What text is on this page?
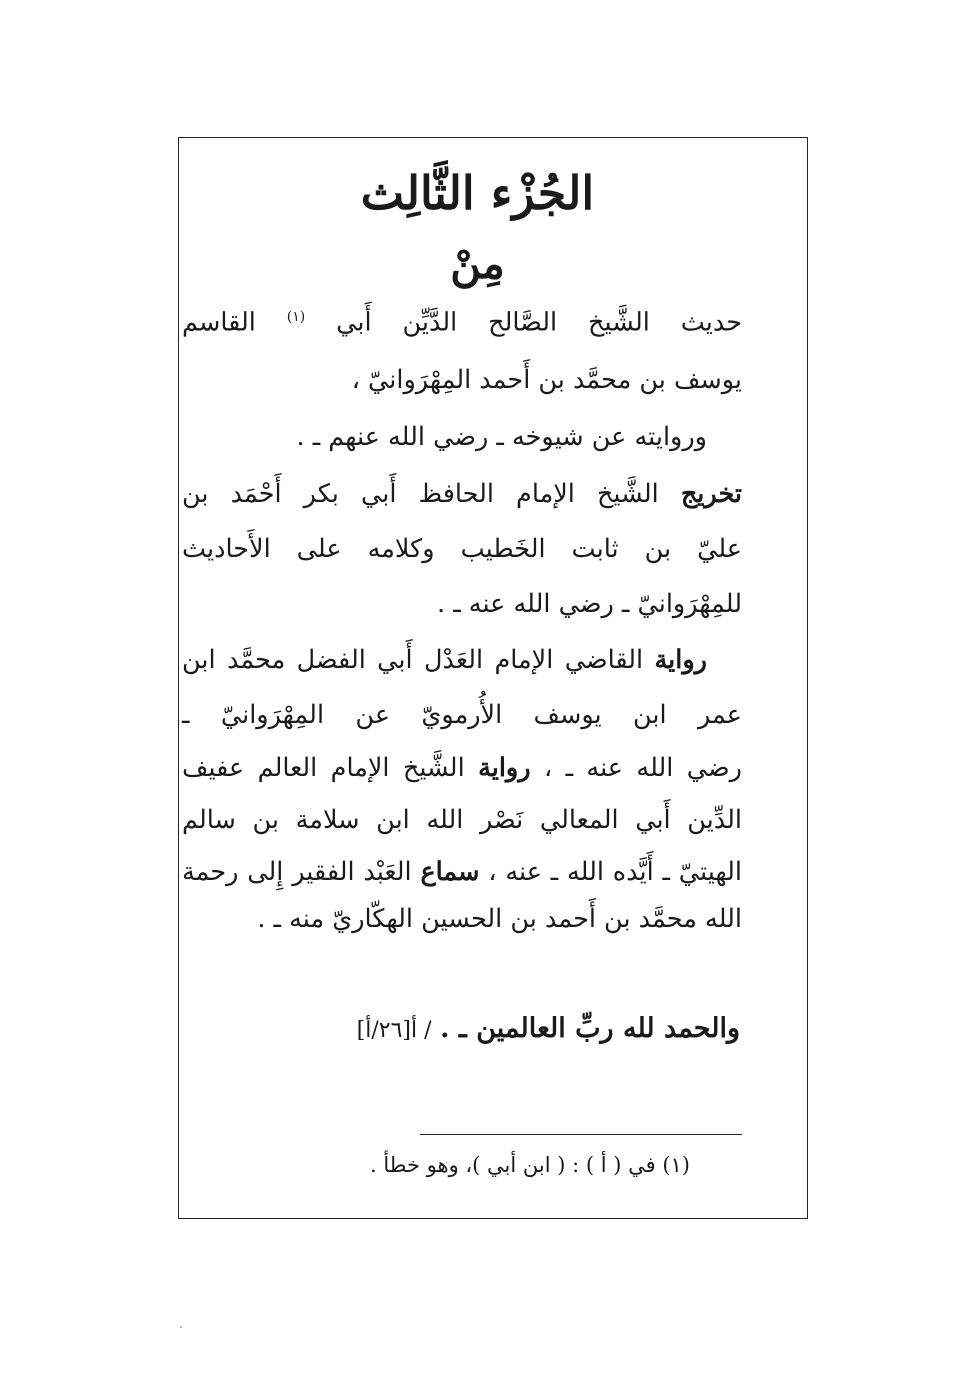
الجُزْء الثَّالِث
مِنْ
حديث الشَّيخ الصَّالح الدَّيِّن أَبي $^{(١)}$ القاسم
يوسف بن محمَّد بن أَحمد المِهْرَوانيّ ،
وروايته عن شيوخه ـ رضي الله عنهم ـ .
تخريج الشَّيخ الإمام الحافظ أَبي بكر أَحْمَد بن
عليّ بن ثابت الخَطيب وكلامه على الأَحاديث
للمِهْرَوانيّ ـ رضي الله عنه ـ .
رواية القاضي الإمام العَدْل أَبي الفضل محمَّد ابن
عمر ابن يوسف الأُرمويّ عن المِهْرَوانيّ ـ
رضي الله عنه ـ ، رواية الشَّيخ الإمام العالم عفيف
الدِّين أَبي المعالي نَصْر الله ابن سلامة بن سالم
الهيتيّ ـ أَيَّده الله ـ عنه ، سماع العَبْد الفقير إِلى رحمة
الله محمَّد بن أَحمد بن الحسين الهكّاريّ منه ـ .
والحمد لله ربِّ العالمين ـ . / أ[٢٦/أ]
(١) في ( أ ) : ( ابن أبي )، وهو خطأ .
